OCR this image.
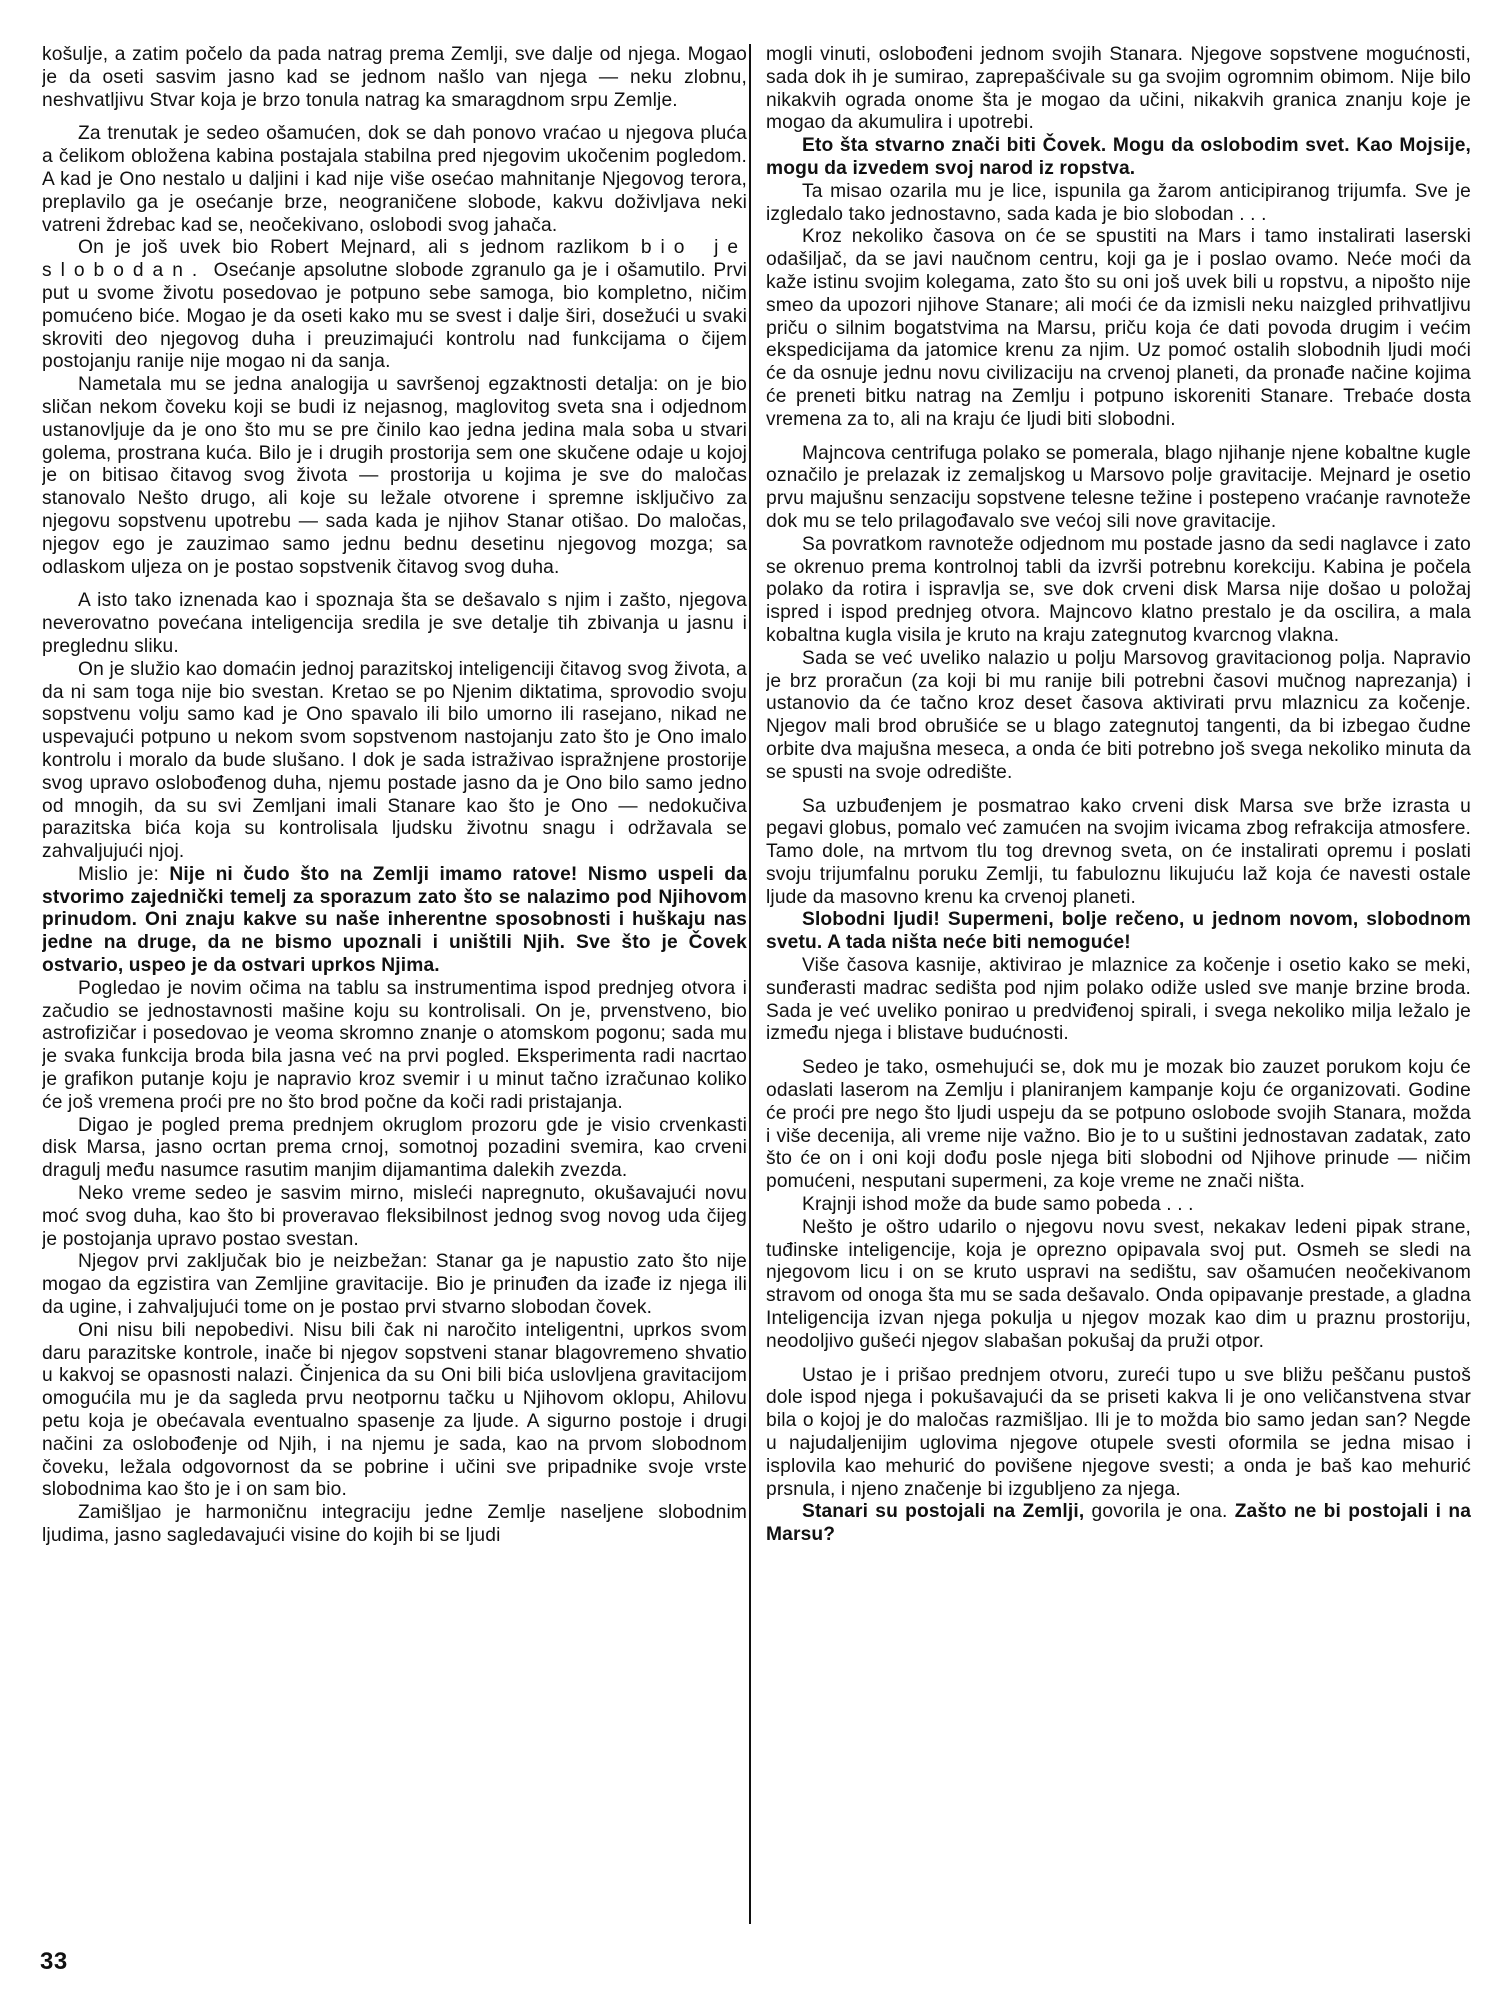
košulje, a zatim počelo da pada natrag prema Zemlji, sve dalje od njega. Mogao je da oseti sasvim jasno kad se jednom našlo van njega — neku zlobnu, neshvatljivu Stvar koja je brzo tonula natrag ka smaragdnom srpu Zemlje.

Za trenutak je sedeo ošamućen, dok se dah ponovo vraćao u njegova pluća a čelikom obložena kabina postajala stabilna pred njegovim ukočenim pogledom. A kad je Ono nestalo u daljini i kad nije više osećao mahnitanje Njegovog terora, preplavilo ga je osećanje brze, neograničene slobode, kakvu doživljava neki vatreni ždrebac kad se, neočekivano, oslobodi svog jahača.

On je još uvek bio Robert Mejnard, ali s jednom razlikom bio je slobodan. Osećanje apsolutne slobode zgranulo ga je i ošamutilo. Prvi put u svome životu posedovao je potpuno sebe samoga, bio kompletno, ničim pomućeno biće. Mogao je da oseti kako mu se svest i dalje širi, dosežući u svaki skroviti deo njegovog duha i preuzimajući kontrolu nad funkcijama o čijem postojanju ranije nije mogao ni da sanja.

Nametala mu se jedna analogija u savršenoj egzaktnosti detalja: on je bio sličan nekom čoveku koji se budi iz nejasnog, maglovitog sveta sna i odjednom ustanovljuje da je ono što mu se pre činilo kao jedna jedina mala soba u stvari golema, prostrana kuća. Bilo je i drugih prostorija sem one skučene odaje u kojoj je on bitisao čitavog svog života — prostorija u kojima je sve do maločas stanovalo Nešto drugo, ali koje su ležale otvorene i spremne isključivo za njegovu sopstvenu upotrebu — sada kada je njihov Stanar otišao. Do maločas, njegov ego je zauzimao samo jednu bednu desetinu njegovog mozga; sa odlaskom uljeza on je postao sopstvenik čitavog svog duha.

A isto tako iznenada kao i spoznaja šta se dešavalo s njim i zašto, njegova neverovatno povećana inteligencija sredila je sve detalje tih zbivanja u jasnu i preglednu sliku.

On je služio kao domaćin jednoj parazitskoj inteligenciji čitavog svog života, a da ni sam toga nije bio svestan. Kretao se po Njenim diktatima, sprovodio svoju sopstvenu volju samo kad je Ono spavalo ili bilo umorno ili rasejano, nikad ne uspevajući potpuno u nekom svom sopstvenom nastojanju zato što je Ono imalo kontrolu i moralo da bude slušano. I dok je sada istraživao ispražnjene prostorije svog upravo oslobođenog duha, njemu postade jasno da je Ono bilo samo jedno od mnogih, da su svi Zemljani imali Stanare kao što je Ono — nedokučiva parazitska bića koja su kontrolisala ljudsku životnu snagu i održavala se zahvaljujući njoj.

Mislio je: Nije ni čudo što na Zemlji imamo ratove! Nismo uspeli da stvorimo zajednički temelj za sporazum zato što se nalazimo pod Njihovom prinudom. Oni znaju kakve su naše inherentne sposobnosti i huškaju nas jedne na druge, da ne bismo upoznali i uništili Njih. Sve što je Čovek ostvario, uspeo je da ostvari uprkos Njima.

Pogledao je novim očima na tablu sa instrumentima ispod prednjeg otvora i začudio se jednostavnosti mašine koju su kontrolisali. On je, prvenstveno, bio astrofizičar i posedovao je veoma skromno znanje o atomskom pogonu; sada mu je svaka funkcija broda bila jasna već na prvi pogled. Eksperimenta radi nacrtao je grafikon putanje koju je napravio kroz svemir i u minut tačno izračunao koliko će još vremena proći pre no što brod počne da koči radi pristajanja.

Digao je pogled prema prednjem okruglom prozoru gde je visio crvenkasti disk Marsa, jasno ocrtan prema crnoj, somotnoj pozadini svemira, kao crveni dragulj među nasumce rasutim manjim dijamantima dalekih zvezda.

Neko vreme sedeo je sasvim mirno, misleći napregnuto, okušavajući novu moć svog duha, kao što bi proveravao fleksibilnost jednog svog novog uda čijeg je postojanja upravo postao svestan.

Njegov prvi zaključak bio je neizbežan: Stanar ga je napustio zato što nije mogao da egzistira van Zemljine gravitacije. Bio je prinuđen da izađe iz njega ili da ugine, i zahvaljujući tome on je postao prvi stvarno slobodan čovek.

Oni nisu bili nepobedivi. Nisu bili čak ni naročito inteligentni, uprkos svom daru parazitske kontrole, inače bi njegov sopstveni stanar blagovremeno shvatio u kakvoj se opasnosti nalazi. Činjenica da su Oni bili bića uslovljena gravitacijom omogućila mu je da sagleda prvu neotpornu tačku u Njihovom oklopu, Ahilovu petu koja je obećavala eventualno spasenje za ljude. A sigurno postoje i drugi načini za oslobođenje od Njih, i na njemu je sada, kao na prvom slobodnom čoveku, ležala odgovornost da se pobrine i učini sve pripadnike svoje vrste slobodnima kao što je i on sam bio.

Zamišljao je harmoničnu integraciju jedne Zemlje naseljene slobodnim ljudima, jasno sagledavajući visine do kojih bi se ljudi

mogli vinuti, oslobođeni jednom svojih Stanara. Njegove sopstvene mogućnosti, sada dok ih je sumirao, zaprepašćivale su ga svojim ogromnim obimom. Nije bilo nikakvih ograda onome šta je mogao da učini, nikakvih granica znanju koje je mogao da akumulira i upotrebi.

Eto šta stvarno znači biti Čovek. Mogu da oslobodim svet. Kao Mojsije, mogu da izvedem svoj narod iz ropstva.

Ta misao ozarila mu je lice, ispunila ga žarom anticipiranog trijumfa. Sve je izgledalo tako jednostavno, sada kada je bio slobodan . . .

Kroz nekoliko časova on će se spustiti na Mars i tamo instalirati laserski odašiljač, da se javi naučnom centru, koji ga je i poslao ovamo. Neće moći da kaže istinu svojim kolegama, zato što su oni još uvek bili u ropstvu, a nipošto nije smeo da upozori njihove Stanare; ali moći će da izmisli neku naizgled prihvatljivu priču o silnim bogatstvima na Marsu, priču koja će dati povoda drugim i većim ekspedicijama da jatomice krenu za njim. Uz pomoć ostalih slobodnih ljudi moći će da osnuje jednu novu civilizaciju na crvenoj planeti, da pronađe načine kojima će preneti bitku natrag na Zemlju i potpuno iskoreniti Stanare. Trebaće dosta vremena za to, ali na kraju će ljudi biti slobodni.

Majncova centrifuga polako se pomerala, blago njihanje njene kobaltne kugle označilo je prelazak iz zemaljskog u Marsovo polje gravitacije. Mejnard je osetio prvu majušnu senzaciju sopstvene telesne težine i postepeno vraćanje ravnoteže dok mu se telo prilagođavalo sve većoj sili nove gravitacije.

Sa povratkom ravnoteže odjednom mu postade jasno da sedi naglavce i zato se okrenuo prema kontrolnoj tabli da izvrši potrebnu korekciju. Kabina je počela polako da rotira i ispravlja se, sve dok crveni disk Marsa nije došao u položaj ispred i ispod prednjeg otvora. Majncovo klatno prestalo je da oscilira, a mala kobaltna kugla visila je kruto na kraju zategnutog kvarcnog vlakna.

Sada se već uveliko nalazio u polju Marsovog gravitacionog polja. Napravio je brz proračun (za koji bi mu ranije bili potrebni časovi mučnog naprezanja) i ustanovio da će tačno kroz deset časova aktivirati prvu mlaznicu za kočenje. Njegov mali brod obrušiće se u blago zategnutoj tangenti, da bi izbegao čudne orbite dva majušna meseca, a onda će biti potrebno još svega nekoliko minuta da se spusti na svoje odredište.

Sa uzbuđenjem je posmatrao kako crveni disk Marsa sve brže izrasta u pegavi globus, pomalo već zamućen na svojim ivicama zbog refrakcija atmosfere. Tamo dole, na mrtvom tlu tog drevnog sveta, on će instalirati opremu i poslati svoju trijumfalnu poruku Zemlji, tu fabuloznu likujuću laž koja će navesti ostale ljude da masovno krenu ka crvenoj planeti.

Slobodni ljudi! Supermeni, bolje rečeno, u jednom novom, slobodnom svetu. A tada ništa neće biti nemoguće!

Više časova kasnije, aktivirao je mlaznice za kočenje i osetio kako se meki, sunđerasti madrac sedišta pod njim polako odiže usled sve manje brzine broda. Sada je već uveliko ponirao u predviđenoj spirali, i svega nekoliko milja ležalo je između njega i blistave budućnosti.

Sedeo je tako, osmehujući se, dok mu je mozak bio zauzet porukom koju će odaslati laserom na Zemlju i planiranjem kampanje koju će organizovati. Godine će proći pre nego što ljudi uspeju da se potpuno oslobode svojih Stanara, možda i više decenija, ali vreme nije važno. Bio je to u suštini jednostavan zadatak, zato što će on i oni koji dođu posle njega biti slobodni od Njihove prinude — ničim pomućeni, nesputani supermeni, za koje vreme ne znači ništa.

Krajnji ishod može da bude samo pobeda . . .

Nešto je oštro udarilo o njegovu novu svest, nekakav ledeni pipak strane, tuđinske inteligencije, koja je oprezno opipavala svoj put. Osmeh se sledi na njegovom licu i on se kruto uspravi na sedištu, sav ošamućen neočekivanom stravom od onoga šta mu se sada dešavalo. Onda opipavanje prestade, a gladna Inteligencija izvan njega pokulja u njegov mozak kao dim u praznu prostoriju, neodoljivo gušeći njegov slabašan pokušaj da pruži otpor.

Ustao je i prišao prednjem otvoru, zureći tupo u sve bližu peščanu pustoš dole ispod njega i pokušavajući da se priseti kakva li je ono veličanstvena stvar bila o kojoj je do maločas razmišljao. Ili je to možda bio samo jedan san? Negde u najudaljenijim uglovima njegove otupele svesti oformila se jedna misao i isplovila kao mehurić do povišene njegove svesti; a onda je baš kao mehurić prsnula, i njeno značenje bi izgubljeno za njega.

Stanari su postojali na Zemlji, govorila je ona. Zašto ne bi postojali i na Marsu?

33
